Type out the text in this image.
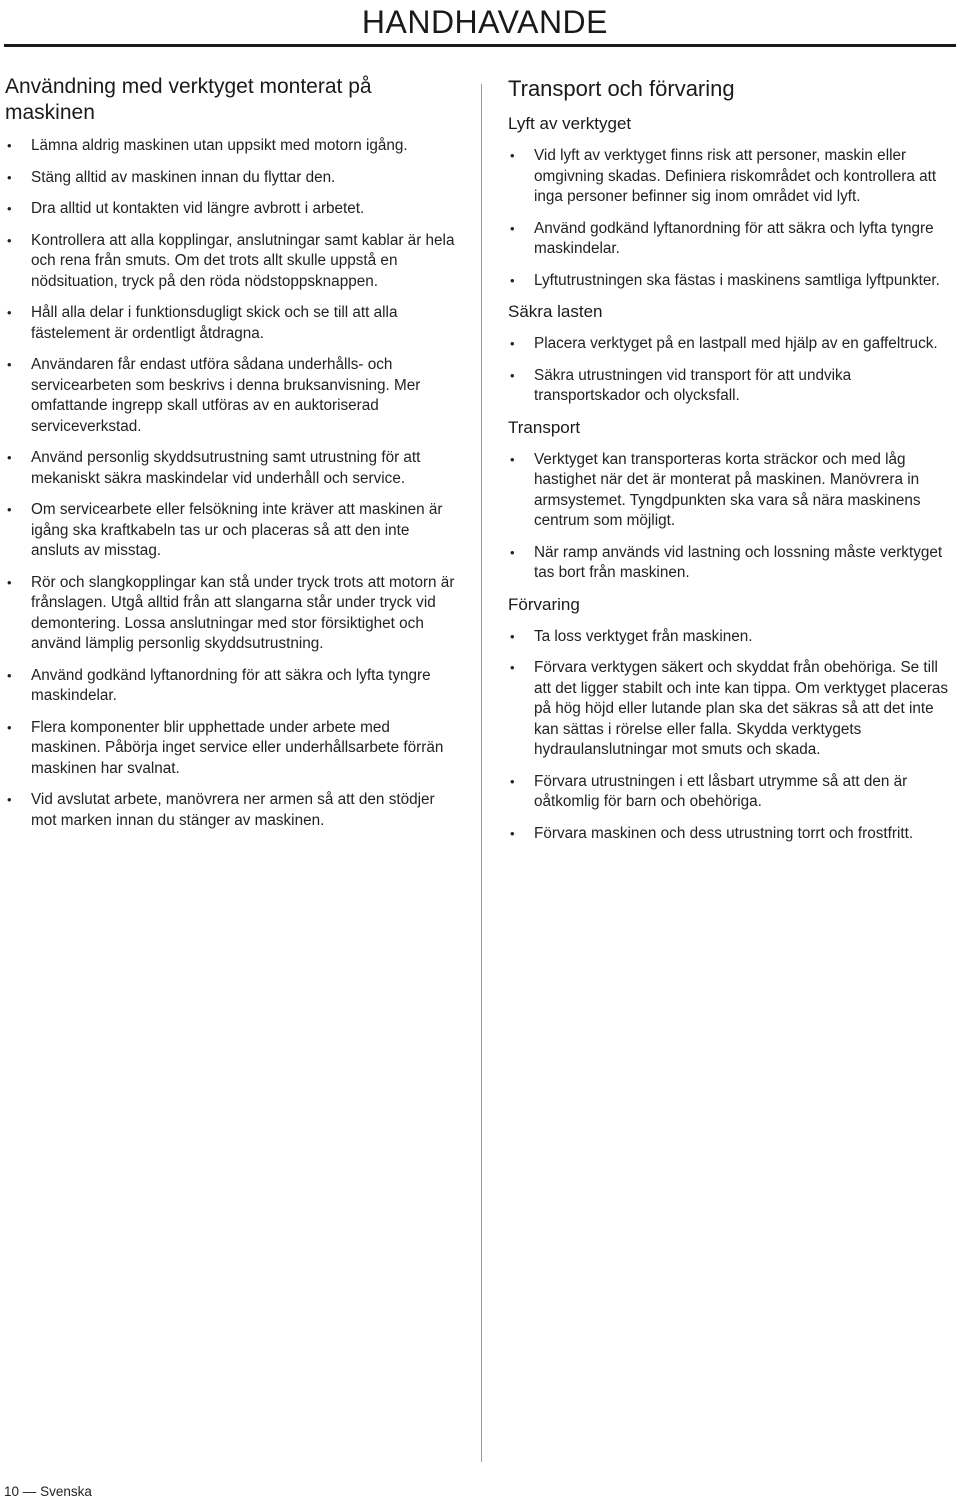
HANDHAVANDE
Användning med verktyget monterat på maskinen
• Lämna aldrig maskinen utan uppsikt med motorn igång.
• Stäng alltid av maskinen innan du flyttar den.
• Dra alltid ut kontakten vid längre avbrott i arbetet.
• Kontrollera att alla kopplingar, anslutningar samt kablar är hela och rena från smuts. Om det trots allt skulle uppstå en nödsituation, tryck på den röda nödstoppsknappen.
• Håll alla delar i funktionsdugligt skick och se till att alla fästelement är ordentligt åtdragna.
• Användaren får endast utföra sådana underhålls- och servicearbeten som beskrivs i denna bruksanvisning. Mer omfattande ingrepp skall utföras av en auktoriserad serviceverkstad.
• Använd personlig skyddsutrustning samt utrustning för att mekaniskt säkra maskindelar vid underhåll och service.
• Om servicearbete eller felsökning inte kräver att maskinen är igång ska kraftkabeln tas ur och placeras så att den inte ansluts av misstag.
• Rör och slangkopplingar kan stå under tryck trots att motorn är frånslagen. Utgå alltid från att slangarna står under tryck vid demontering. Lossa anslutningar med stor försiktighet och använd lämplig personlig skyddsutrustning.
• Använd godkänd lyftanordning för att säkra och lyfta tyngre maskindelar.
• Flera komponenter blir upphettade under arbete med maskinen. Påbörja inget service eller underhållsarbete förrän maskinen har svalnat.
• Vid avslutat arbete, manövrera ner armen så att den stödjer mot marken innan du stänger av maskinen.
Transport och förvaring
Lyft av verktyget
• Vid lyft av verktyget finns risk att personer, maskin eller omgivning skadas. Definiera riskområdet och kontrollera att inga personer befinner sig inom området vid lyft.
• Använd godkänd lyftanordning för att säkra och lyfta tyngre maskindelar.
• Lyftutrustningen ska fästas i maskinens samtliga lyftpunkter.
Säkra lasten
• Placera verktyget på en lastpall med hjälp av en gaffeltruck.
• Säkra utrustningen vid transport för att undvika transportskador och olycksfall.
Transport
• Verktyget kan transporteras korta sträckor och med låg hastighet när det är monterat på maskinen. Manövrera in armsystemet. Tyngdpunkten ska vara så nära maskinens centrum som möjligt.
• När ramp används vid lastning och lossning måste verktyget tas bort från maskinen.
Förvaring
• Ta loss verktyget från maskinen.
• Förvara verktygen säkert och skyddat från obehöriga. Se till att det ligger stabilt och inte kan tippa. Om verktyget placeras på hög höjd eller lutande plan ska det säkras så att det inte kan sättas i rörelse eller falla. Skydda verktygets hydraulanslutningar mot smuts och skada.
• Förvara utrustningen i ett låsbart utrymme så att den är oåtkomlig för barn och obehöriga.
• Förvara maskinen och dess utrustning torrt och frostfritt.
10 — Svenska
